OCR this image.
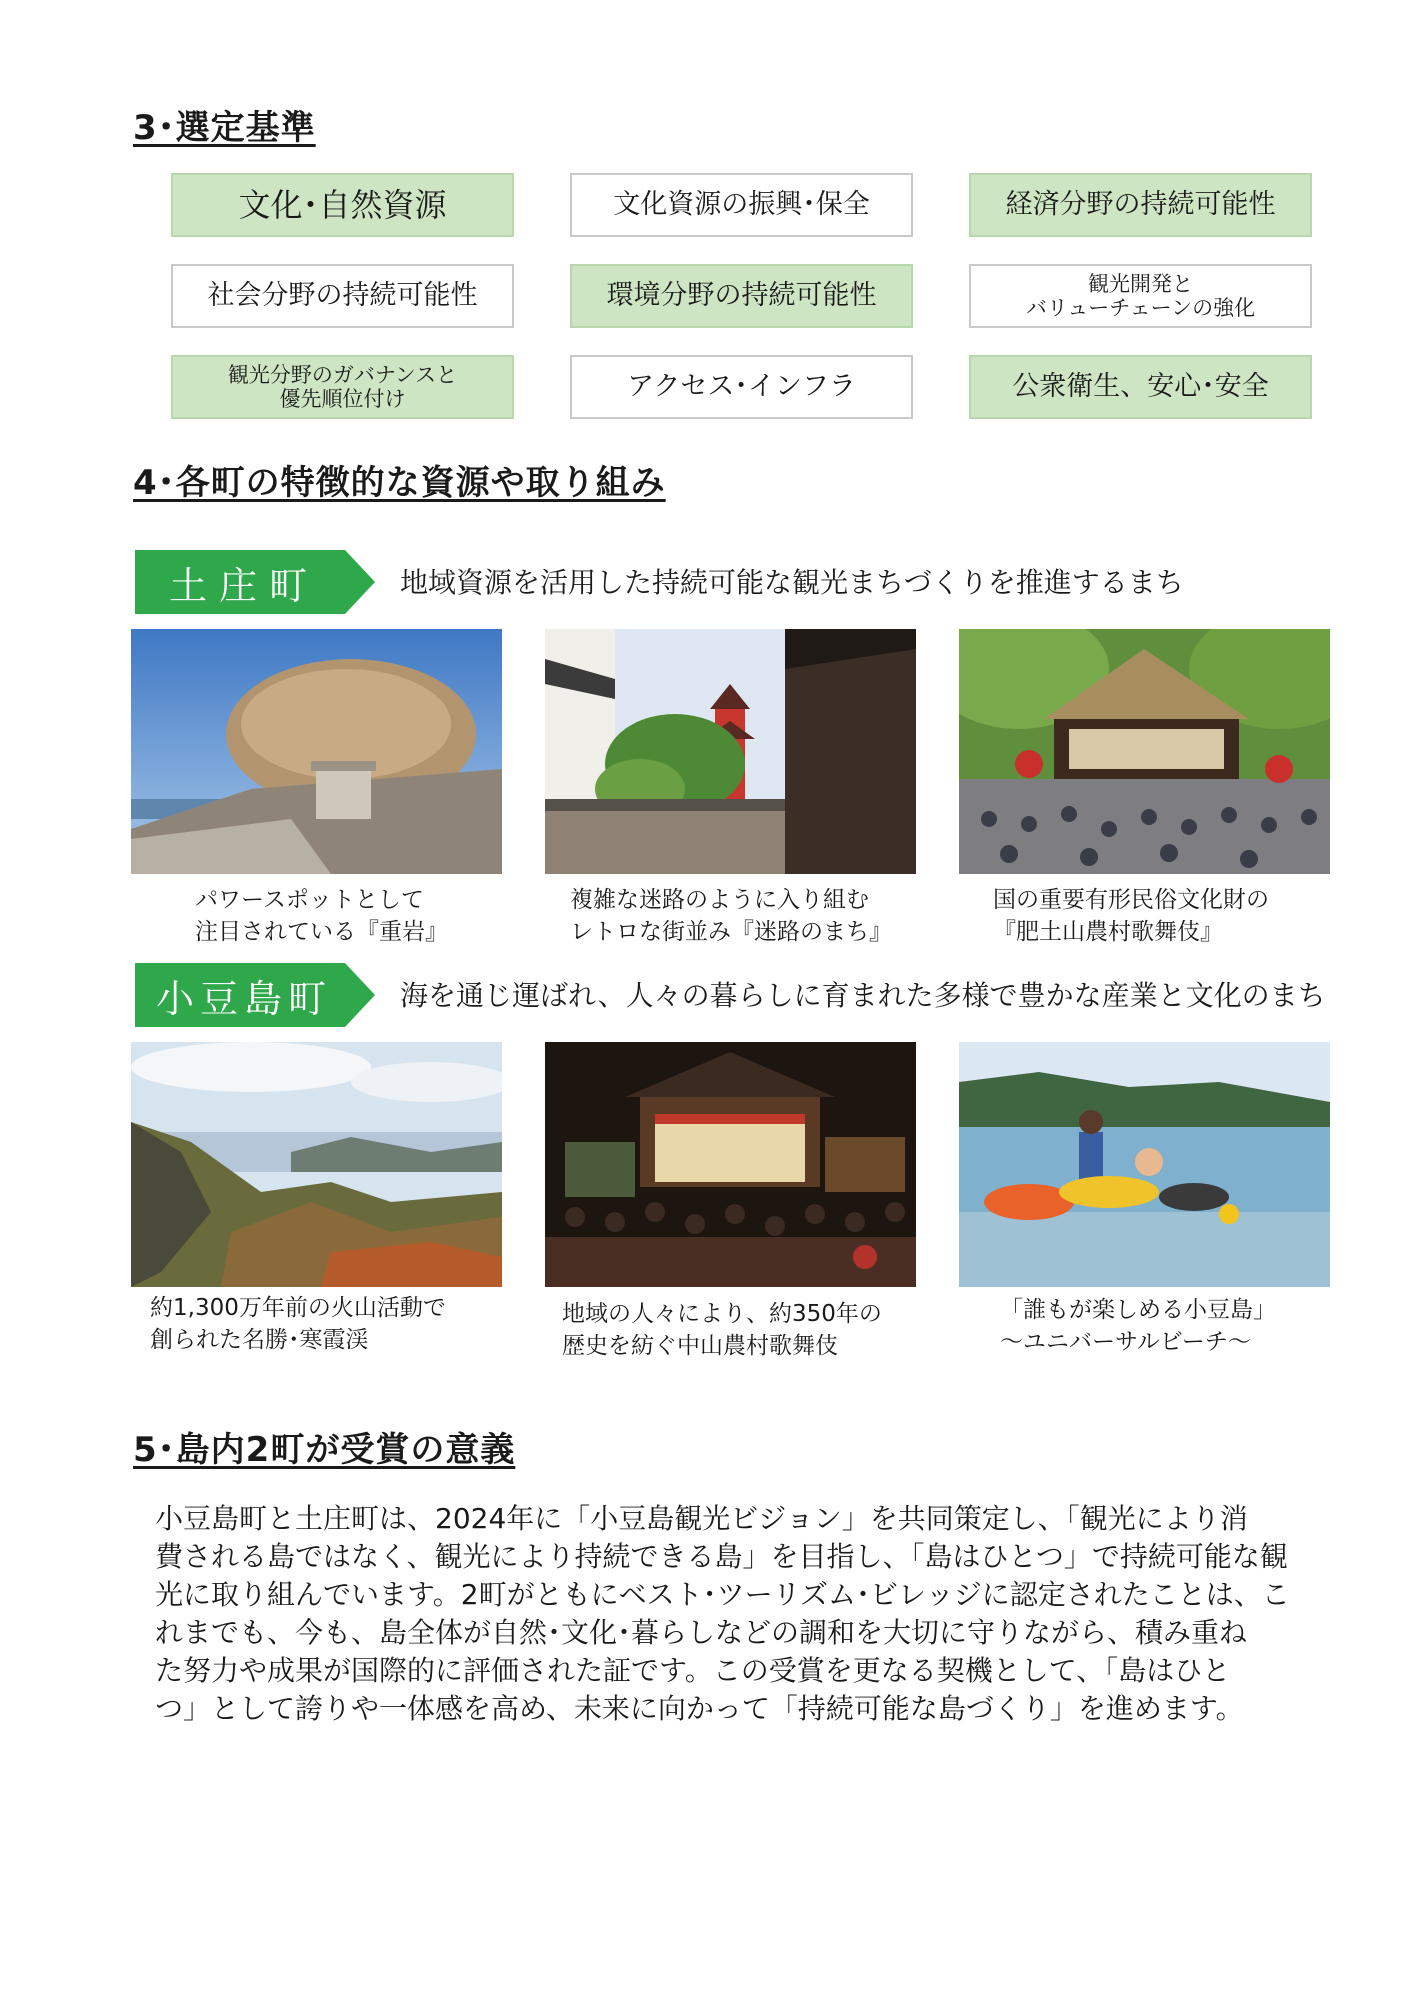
3･選定基準
文化･自然資源	文化資源の振興･保全	経済分野の持続可能性
社会分野の持続可能性	環境分野の持続可能性	観光開発と
バリューチェーンの強化
観光分野のガバナンスと
優先順位付け	アクセス･インフラ	公衆衛生、安心･安全
4･各町の特徴的な資源や取り組み
土庄町	地域資源を活用した持続可能な観光まちづくりを推進するまち
パワースポットとして
注目されている『重岩』
複雑な迷路のように入り組む
レトロな街並み『迷路のまち』
国の重要有形民俗文化財の
『肥土山農村歌舞伎』
小豆島町	海を通じ運ばれ、人々の暮らしに育まれた多様で豊かな産業と文化のまち
約1,300万年前の火山活動で
創られた名勝･寒霞渓
地域の人々により、約350年の
歴史を紡ぐ中山農村歌舞伎
「誰もが楽しめる小豆島」
～ユニバーサルビーチ～
5･島内2町が受賞の意義
小豆島町と土庄町は、2024年に「小豆島観光ビジョン」を共同策定し、「観光により消
費される島ではなく、観光により持続できる島」を目指し、「島はひとつ」で持続可能な観
光に取り組んでいます。2町がともにベスト･ツーリズム･ビレッジに認定されたことは、こ
れまでも、今も、島全体が自然･文化･暮らしなどの調和を大切に守りながら、積み重ね
た努力や成果が国際的に評価された証です。この受賞を更なる契機として、「島はひと
つ」として誇りや一体感を高め、未来に向かって「持続可能な島づくり」を進めます。
